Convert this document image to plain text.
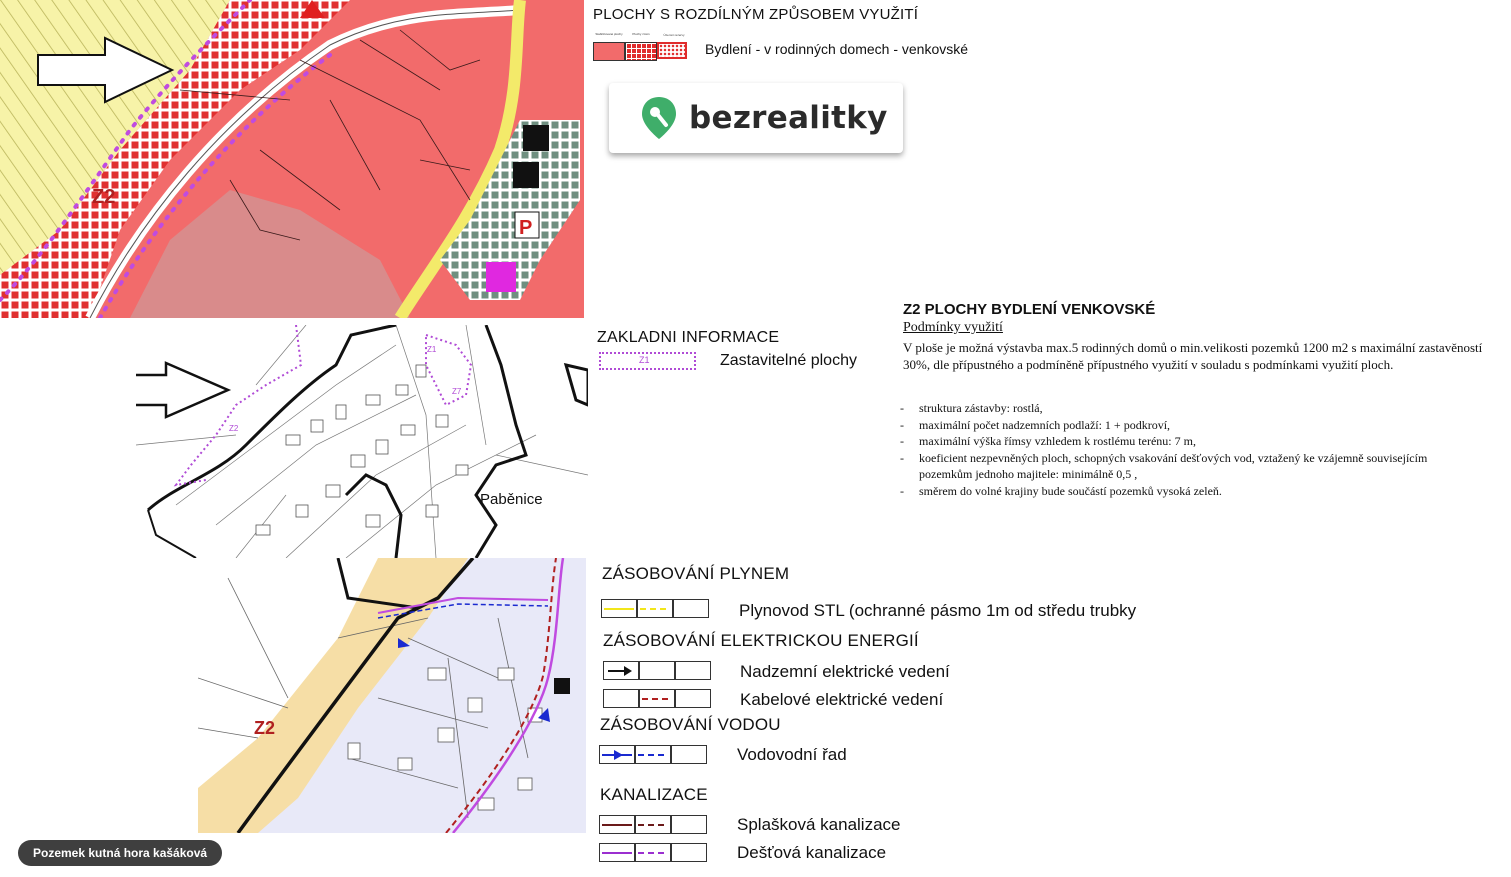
P
Z2
Z1
Z7
Z2
Paběnice
Z2
PLOCHY S ROZDÍLNÝM ZPŮSOBEM VYUŽITÍ
Stabilizované plochy	Plochy změn	Územní rezervy
Bydlení - v rodinných domech - venkovské
bezrealitky
ZAKLADNI INFORMACE
Z1	Zastavitelné plochy
Z2 PLOCHY BYDLENÍ VENKOVSKÉ
Podmínky využití
V ploše je možná výstavba max.5 rodinných domů o min.velikosti pozemků 1200 m2 s maximální zastavěností 30%, dle přípustného a podmíněně přípustného využití v souladu s podmínkami využití ploch.
- struktura zástavby: rostlá,
- maximální počet nadzemních podlaží: 1 + podkroví,
- maximální výška římsy vzhledem k rostlému terénu: 7 m,
- koeficient nezpevněných ploch, schopných vsakování dešťových vod, vztažený ke vzájemně souvisejícím pozemkům jednoho majitele: minimálně 0,5 ,
- směrem do volné krajiny bude součástí pozemků vysoká zeleň.
ZÁSOBOVÁNÍ PLYNEM
Plynovod STL (ochranné pásmo 1m od středu trubky
ZÁSOBOVÁNÍ ELEKTRICKOU ENERGIÍ
Nadzemní elektrické vedení
Kabelové elektrické vedení
ZÁSOBOVÁNÍ VODOU
Vodovodní řad
KANALIZACE
Splašková kanalizace
Dešťová kanalizace
Pozemek kutná hora kašáková
